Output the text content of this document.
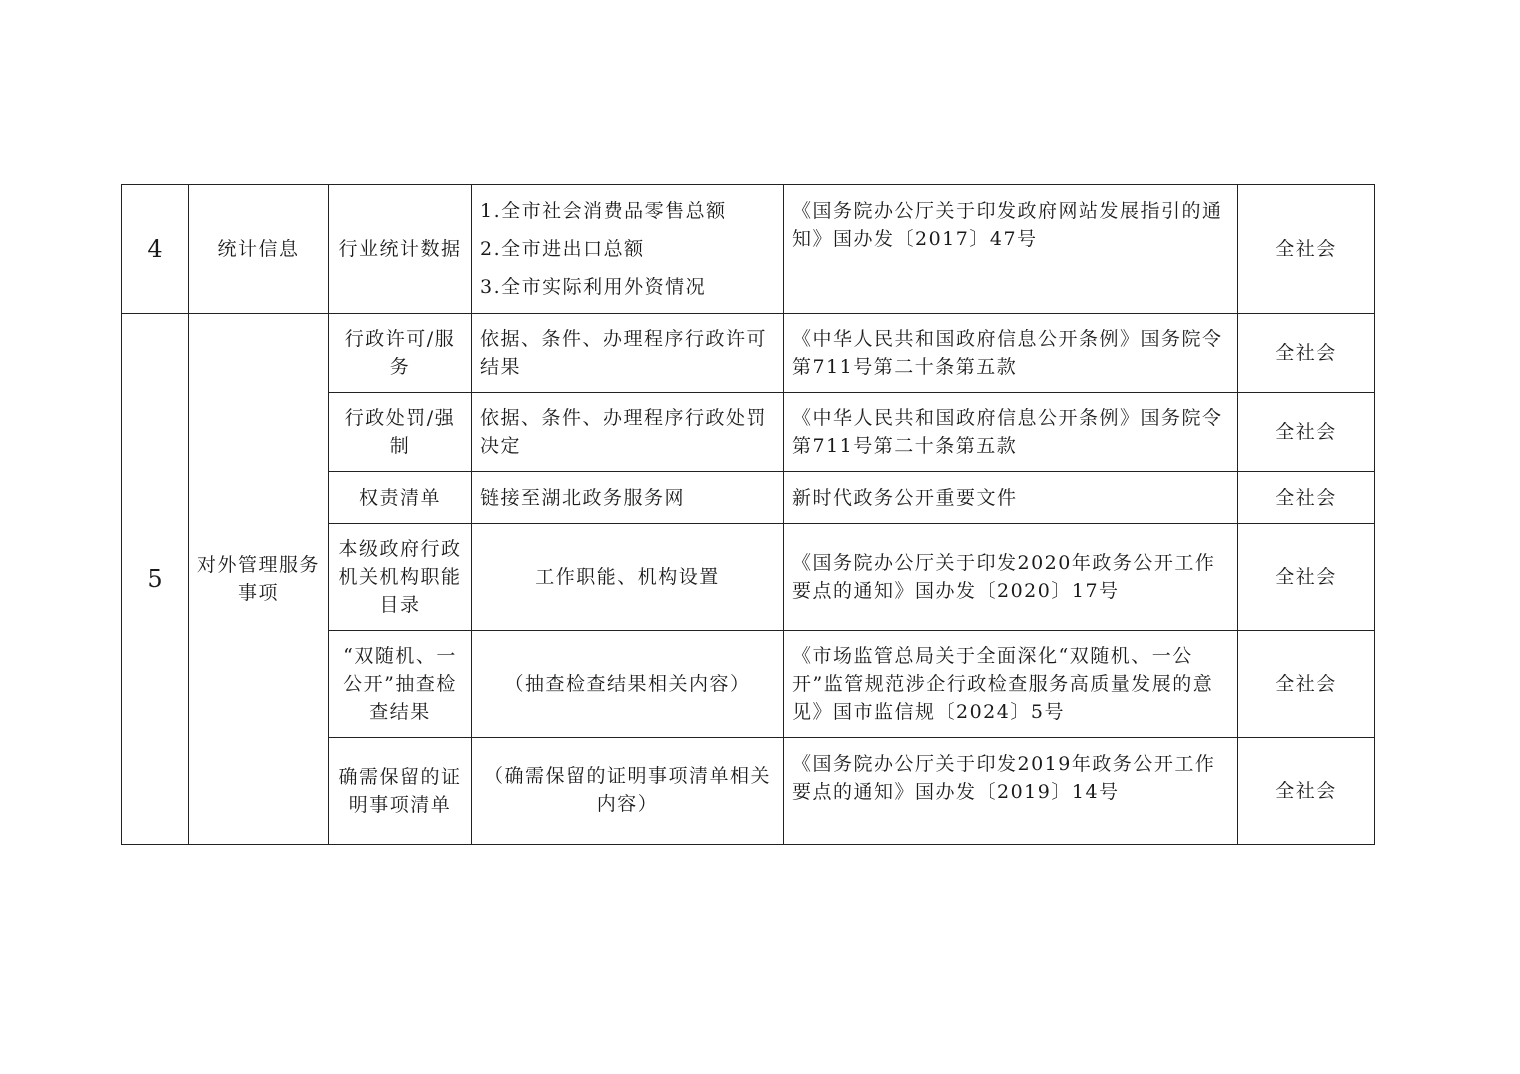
4	统计信息	行业统计数据	1.全市社会消费品零售总额
2.全市进出口总额
3.全市实际利用外资情况	《国务院办公厅关于印发政府网站发展指引的通知》国办发〔2017〕47号	全社会
5	对外管理服务事项	行政许可/服务	依据、条件、办理程序行政许可结果	《中华人民共和国政府信息公开条例》国务院令第711号第二十条第五款	全社会
		行政处罚/强制	依据、条件、办理程序行政处罚决定	《中华人民共和国政府信息公开条例》国务院令第711号第二十条第五款	全社会
		权责清单	链接至湖北政务服务网	新时代政务公开重要文件	全社会
		本级政府行政机关机构职能目录	工作职能、机构设置	《国务院办公厅关于印发2020年政务公开工作要点的通知》国办发〔2020〕17号	全社会
		“双随机、一公开”抽查检查结果	（抽查检查结果相关内容）	《市场监管总局关于全面深化“双随机、一公开”监管规范涉企行政检查服务高质量发展的意见》国市监信规〔2024〕5号	全社会
		确需保留的证明事项清单	（确需保留的证明事项清单相关内容）	《国务院办公厅关于印发2019年政务公开工作要点的通知》国办发〔2019〕14号	全社会
